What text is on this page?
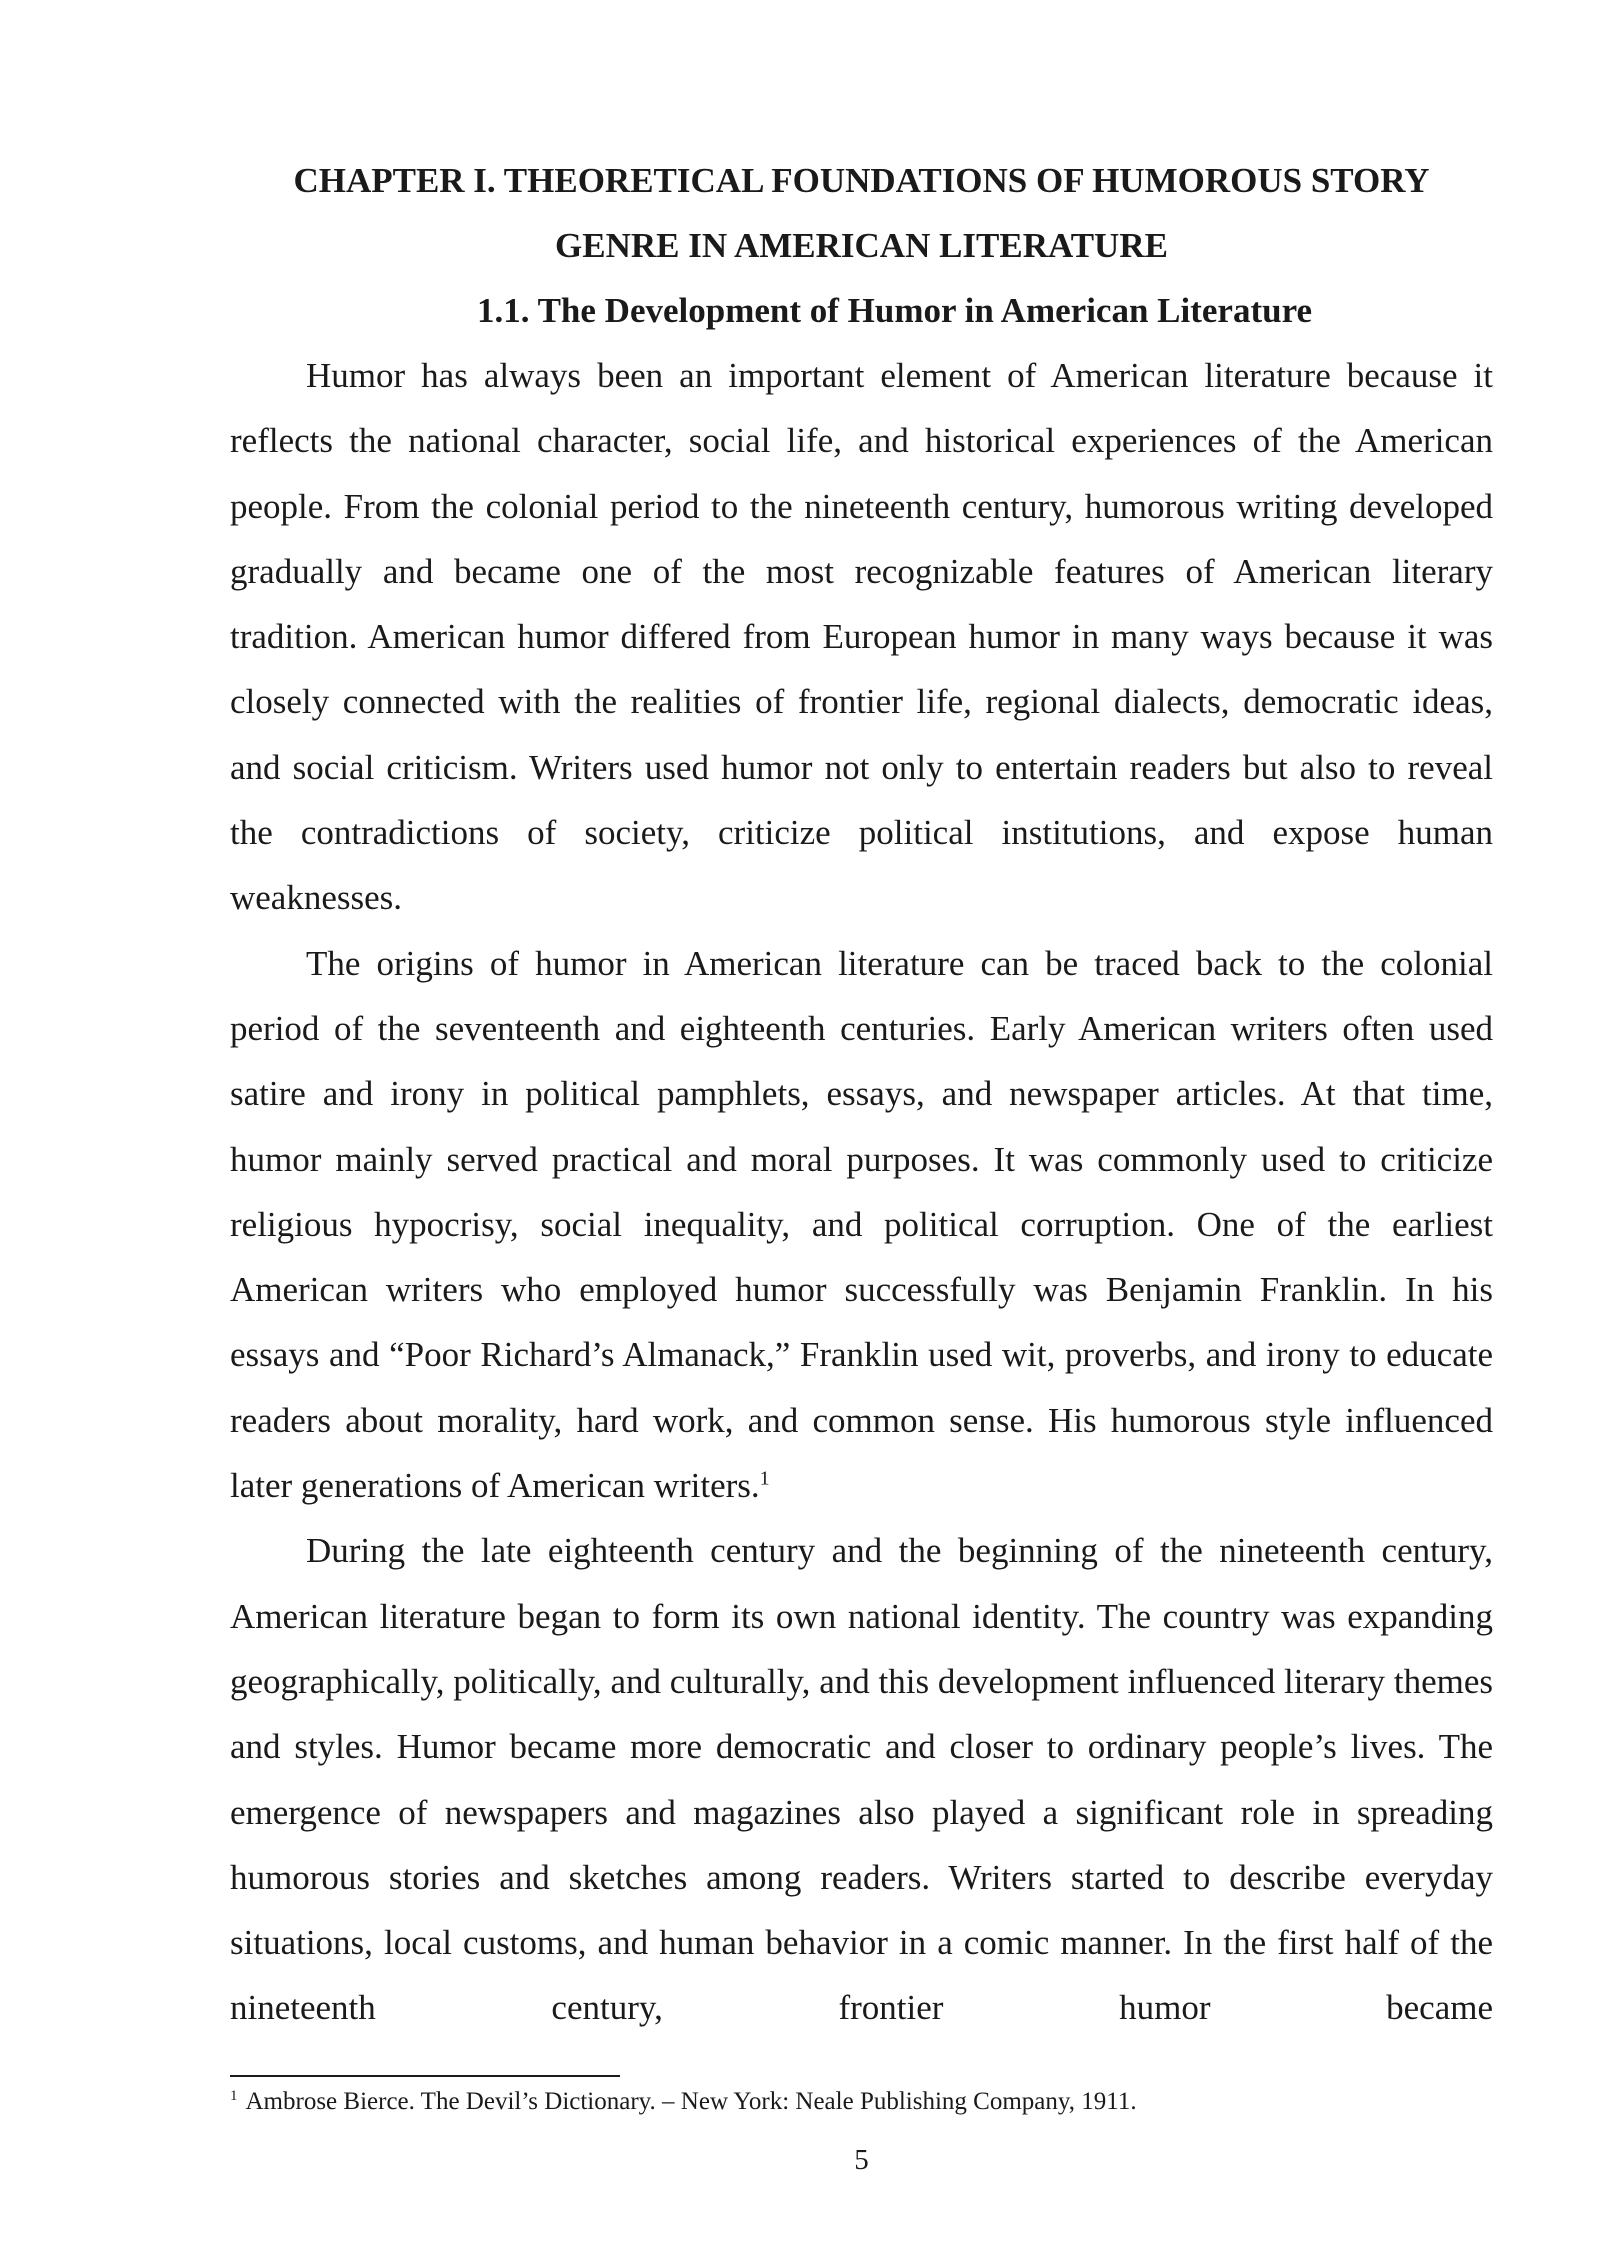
CHAPTER I. THEORETICAL FOUNDATIONS OF HUMOROUS STORY GENRE IN AMERICAN LITERATURE
1.1. The Development of Humor in American Literature

Humor has always been an important element of American literature because it reflects the national character, social life, and historical experiences of the American people. From the colonial period to the nineteenth century, humorous writing developed gradually and became one of the most recognizable features of American literary tradition. American humor differed from European humor in many ways because it was closely connected with the realities of frontier life, regional dialects, democratic ideas, and social criticism. Writers used humor not only to entertain readers but also to reveal the contradictions of society, criticize political institutions, and expose human weaknesses.

The origins of humor in American literature can be traced back to the colonial period of the seventeenth and eighteenth centuries. Early American writers often used satire and irony in political pamphlets, essays, and newspaper articles. At that time, humor mainly served practical and moral purposes. It was commonly used to criticize religious hypocrisy, social inequality, and political corruption. One of the earliest American writers who employed humor successfully was Benjamin Franklin. In his essays and “Poor Richard’s Almanack,” Franklin used wit, proverbs, and irony to educate readers about morality, hard work, and common sense. His humorous style influenced later generations of American writers.$^1$

During the late eighteenth century and the beginning of the nineteenth century, American literature began to form its own national identity. The country was expanding geographically, politically, and culturally, and this development influenced literary themes and styles. Humor became more democratic and closer to ordinary people’s lives. The emergence of newspapers and magazines also played a significant role in spreading humorous stories and sketches among readers. Writers started to describe everyday situations, local customs, and human behavior in a comic manner. In the first half of the nineteenth century, frontier humor became

$^1$ Ambrose Bierce. The Devil’s Dictionary. – New York: Neale Publishing Company, 1911.
5
